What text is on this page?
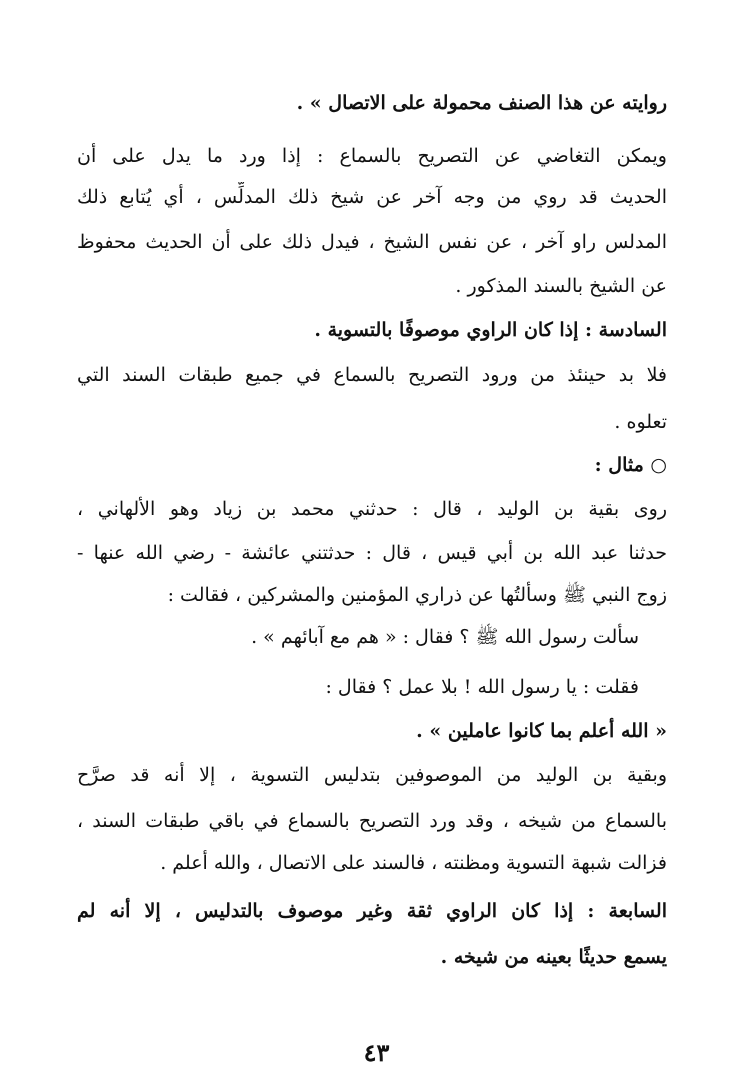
روايته عن هذا الصنف محمولة على الاتصال » .
ويمكن التغاضي عن التصريح بالسماع : إذا ورد ما يدل على أن
الحديث قد روي من وجه آخر عن شيخ ذلك المدلِّس ، أي يُتابع ذلك
المدلس راو آخر ، عن نفس الشيخ ، فيدل ذلك على أن الحديث محفوظ
عن الشيخ بالسند المذكور .
السادسة : إذا كان الراوي موصوفًا بالتسوية .
فلا بد حينئذ من ورود التصريح بالسماع في جميع طبقات السند التي
تعلوه .
○ مثال :
روى بقية بن الوليد ، قال : حدثني محمد بن زياد وهو الألهاني ،
حدثنا عبد الله بن أبي قيس ، قال : حدثتني عائشة - رضي الله عنها -
زوج النبي ﷺ وسألتُها عن ذراري المؤمنين والمشركين ، فقالت :
سألت رسول الله ﷺ ؟ فقال : « هم مع آبائهم » .
فقلت : يا رسول الله ! بلا عمل ؟ فقال :
« الله أعلم بما كانوا عاملين » .
وبقية بن الوليد من الموصوفين بتدليس التسوية ، إلا أنه قد صرَّح
بالسماع من شيخه ، وقد ورد التصريح بالسماع في باقي طبقات السند ،
فزالت شبهة التسوية ومظنته ، فالسند على الاتصال ، والله أعلم .
السابعة : إذا كان الراوي ثقة وغير موصوف بالتدليس ، إلا أنه لم
يسمع حديثًا بعينه من شيخه .
٤٣
